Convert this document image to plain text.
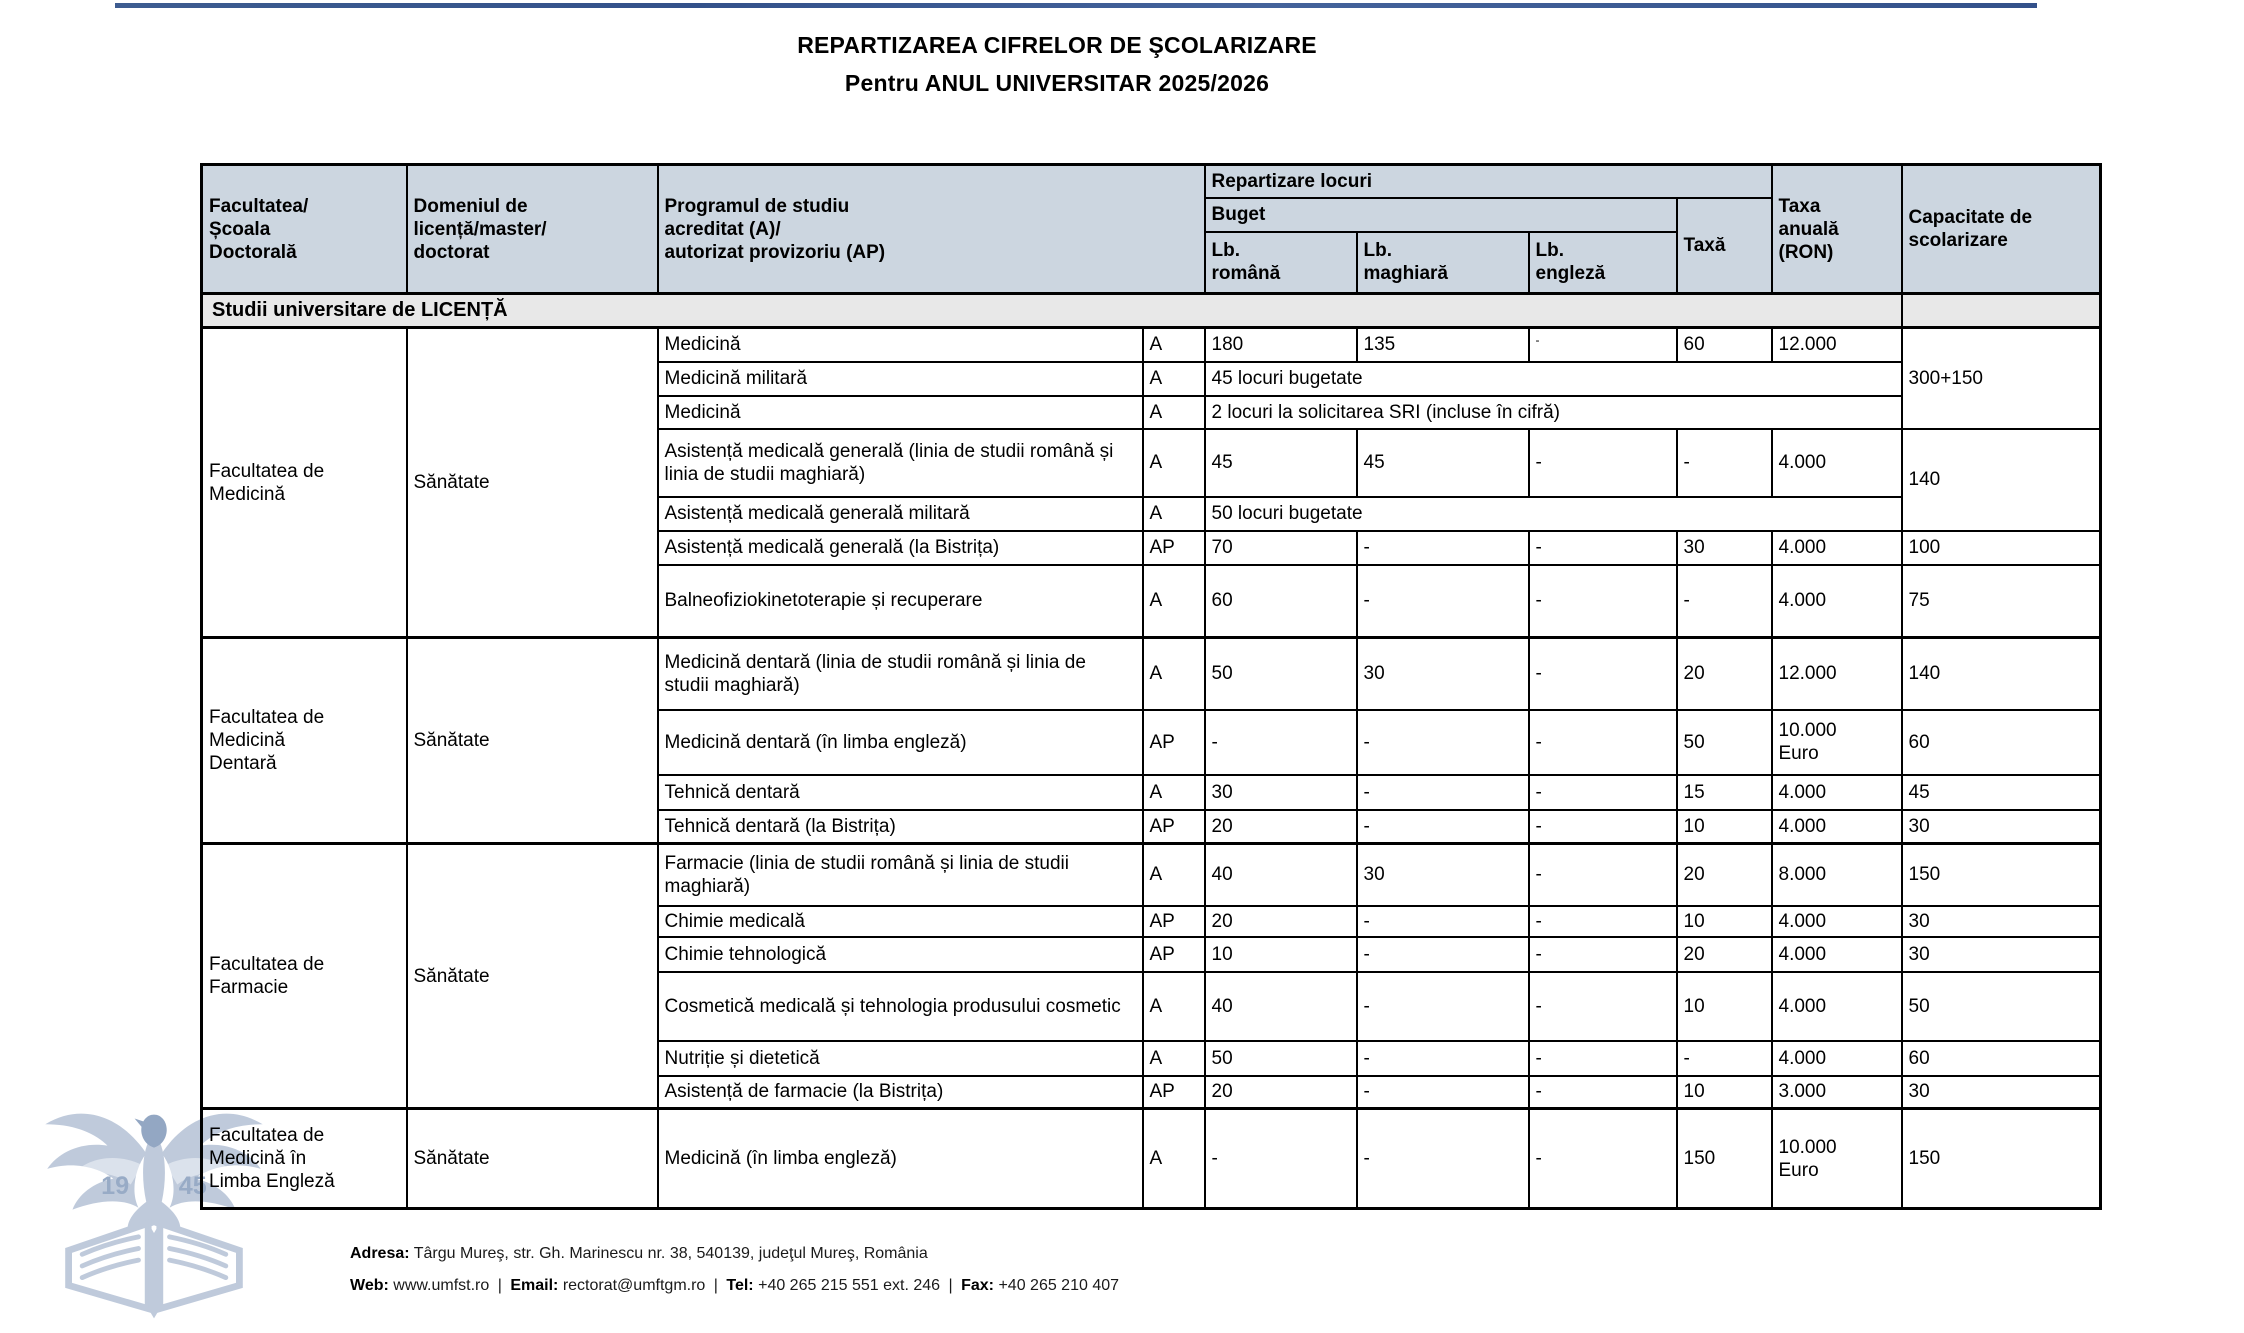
REPARTIZAREA CIFRELOR DE ŞCOLARIZARE
Pentru ANUL UNIVERSITAR 2025/2026
19 45
Facultatea/
Școala
Doctorală	Domeniul de
licență/master/
doctorat	Programul de studiu
acreditat (A)/
autorizat provizoriu (AP)		Repartizare locuri				Taxa
anuală
(RON)	Capacitate de
scolarizare
				Buget			Taxă		
				Lb.
română	Lb.
maghiară	Lb.
engleză			
Studii universitare de LICENȚĂ									
Facultatea de
Medicină	Sănătate	Medicină	A	180	135	-	60	12.000	300+150
		Medicină militară	A	45 locuri bugetate					
		Medicină	A	2 locuri la solicitarea SRI (incluse în cifră)					
		Asistență medicală generală (linia de studii română și linia de studii maghiară)	A	45	45	-	-	4.000	140
		Asistență medicală generală militară	A	50 locuri bugetate					
		Asistență medicală generală (la Bistrița)	AP	70	-	-	30	4.000	100
		Balneofiziokinetoterapie și recuperare	A	60	-	-	-	4.000	75
Facultatea de
Medicină
Dentară	Sănătate	Medicină dentară (linia de studii română și linia de studii maghiară)	A	50	30	-	20	12.000	140
		Medicină dentară (în limba engleză)	AP	-	-	-	50	10.000
Euro	60
		Tehnică dentară	A	30	-	-	15	4.000	45
		Tehnică dentară (la Bistrița)	AP	20	-	-	10	4.000	30
Facultatea de
Farmacie	Sănătate	Farmacie (linia de studii română și linia de studii maghiară)	A	40	30	-	20	8.000	150
		Chimie medicală	AP	20	-	-	10	4.000	30
		Chimie tehnologică	AP	10	-	-	20	4.000	30
		Cosmetică medicală și tehnologia produsului cosmetic	A	40	-	-	10	4.000	50
		Nutriție și dietetică	A	50	-	-	-	4.000	60
		Asistență de farmacie (la Bistrița)	AP	20	-	-	10	3.000	30
Facultatea de
Medicină în
Limba Engleză	Sănătate	Medicină (în limba engleză)	A	-	-	-	150	10.000
Euro	150
Adresa: Târgu Mureş, str. Gh. Marinescu nr. 38, 540139, judeţul Mureş, România
Web: www.umfst.ro | Email: rectorat@umftgm.ro | Tel: +40 265 215 551 ext. 246 | Fax: +40 265 210 407
